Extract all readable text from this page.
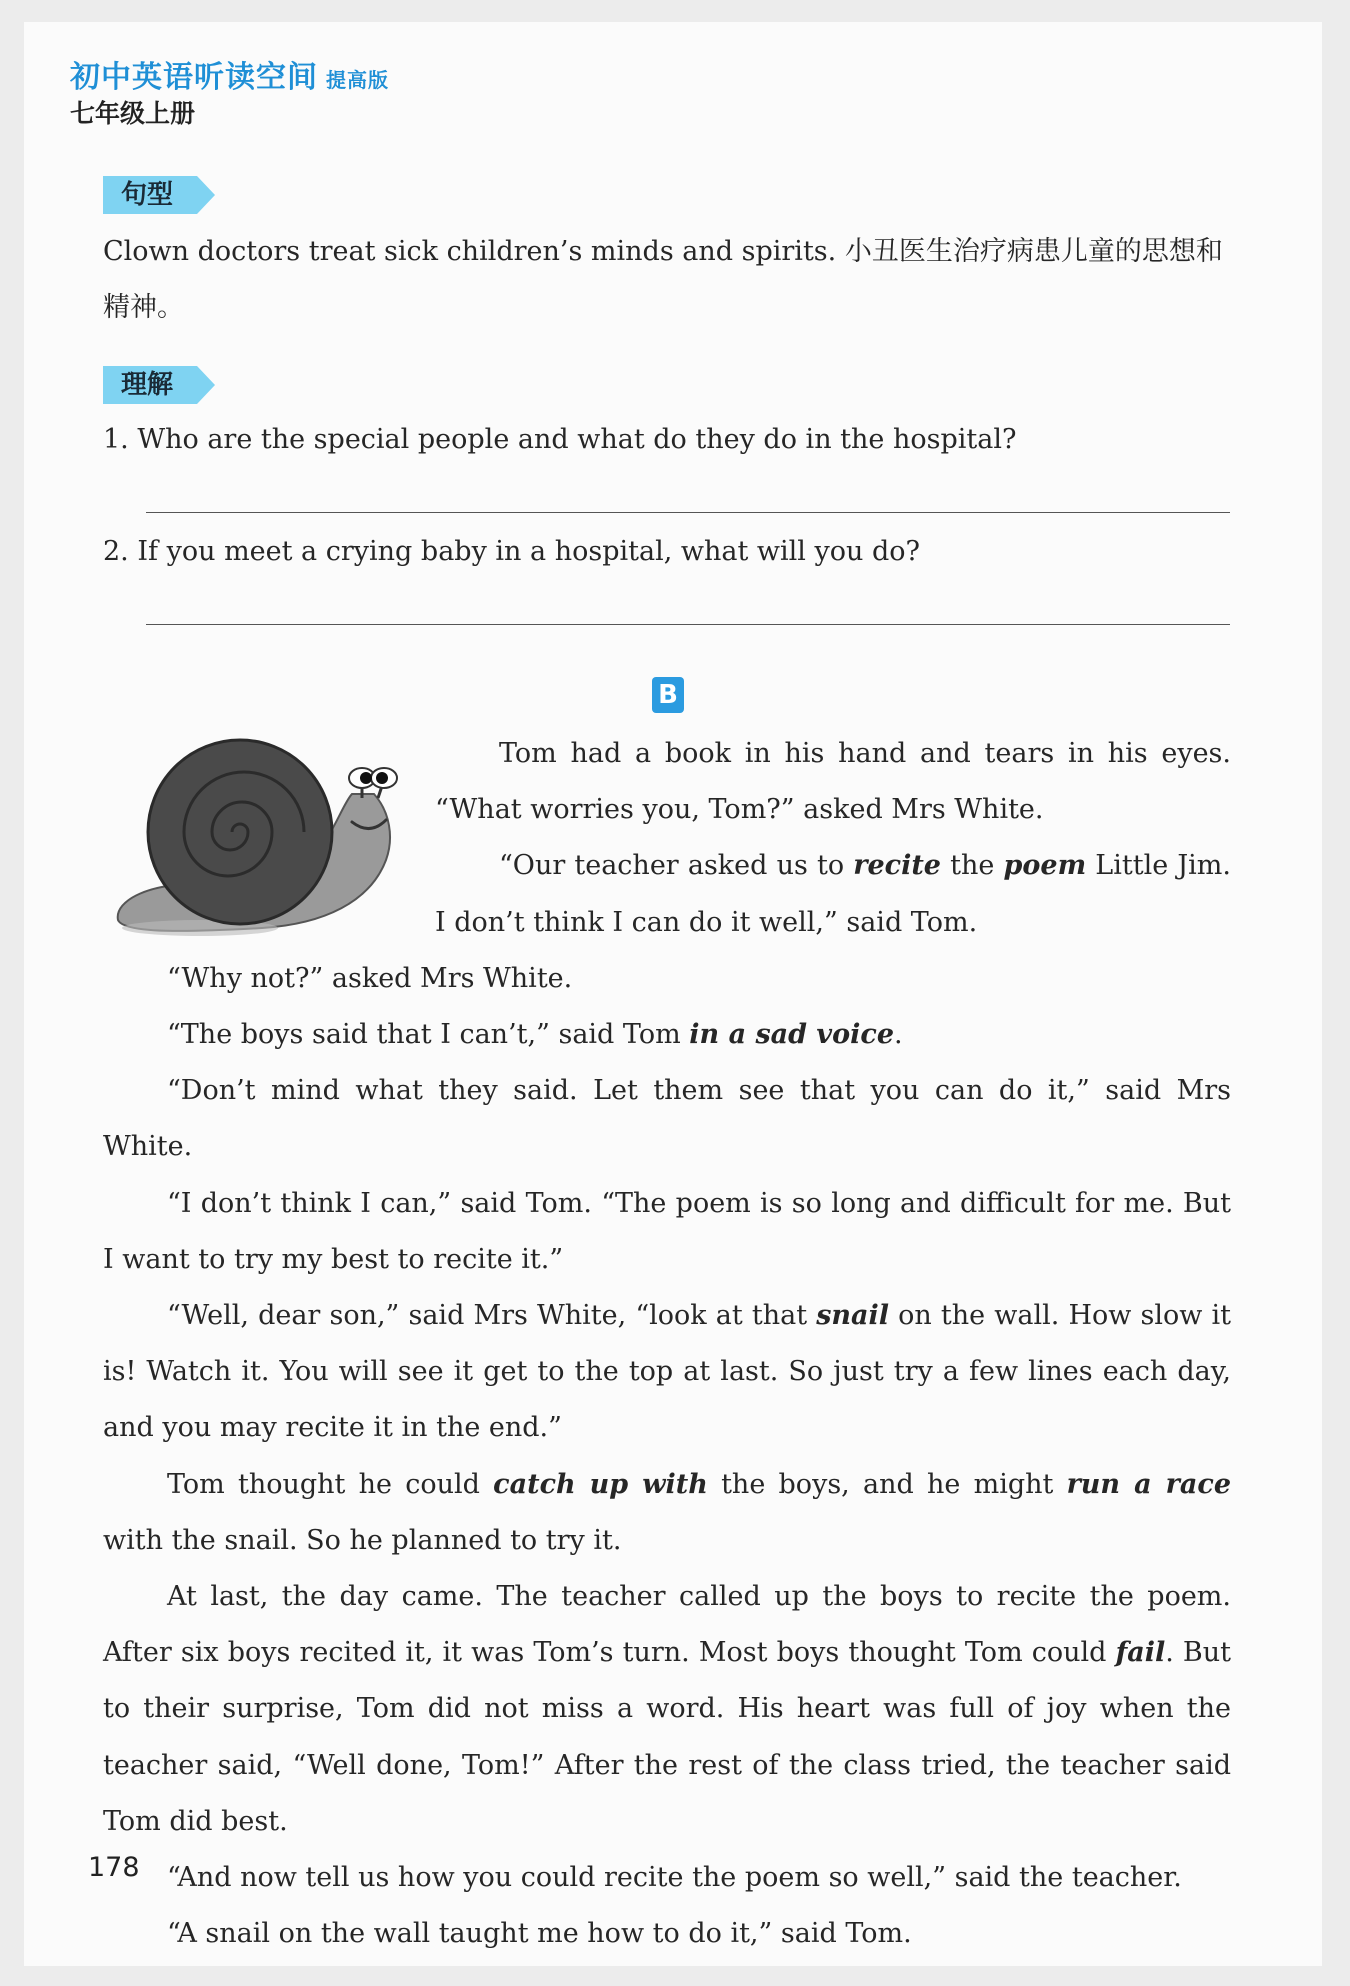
初中英语听读空间 提高版
七年级上册
句型
Clown doctors treat sick children’s minds and spirits. 小丑医生治疗病患儿童的思想和精神。
理解
1. Who are the special people and what do they do in the hospital?
2. If you meet a crying baby in a hospital, what will you do?
B

Tom had a book in his hand and tears in his eyes. “What worries you, Tom?” asked Mrs White.

“Our teacher asked us to recite the poem Little Jim. I don’t think I can do it well,” said Tom.

“Why not?” asked Mrs White.

“The boys said that I can’t,” said Tom in a sad voice.

“Don’t mind what they said. Let them see that you can do it,” said Mrs White.

“I don’t think I can,” said Tom. “The poem is so long and difficult for me. But I want to try my best to recite it.”

“Well, dear son,” said Mrs White, “look at that snail on the wall. How slow it is! Watch it. You will see it get to the top at last. So just try a few lines each day, and you may recite it in the end.”

Tom thought he could catch up with the boys, and he might run a race with the snail. So he planned to try it.

At last, the day came. The teacher called up the boys to recite the poem. After six boys recited it, it was Tom’s turn. Most boys thought Tom could fail. But to their surprise, Tom did not miss a word. His heart was full of joy when the teacher said, “Well done, Tom!” After the rest of the class tried, the teacher said Tom did best.

“And now tell us how you could recite the poem so well,” said the teacher.

“A snail on the wall taught me how to do it,” said Tom.

178
